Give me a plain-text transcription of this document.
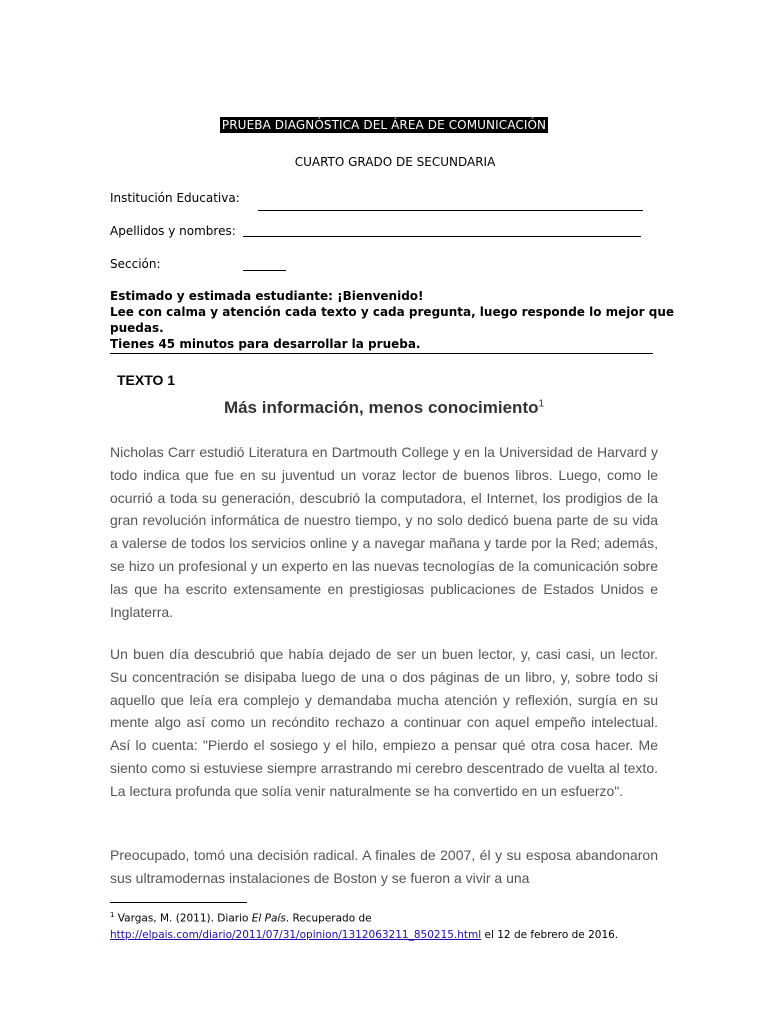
PRUEBA DIAGNÓSTICA DEL ÁREA DE COMUNICACIÓN
CUARTO GRADO DE SECUNDARIA
Institución Educativa:
Apellidos y nombres:
Sección:
Estimado y estimada estudiante: ¡Bienvenido!
Lee con calma y atención cada texto y cada pregunta, luego responde lo mejor que
puedas.
Tienes 45 minutos para desarrollar la prueba.
TEXTO 1
Más información, menos conocimiento$^1$
Nicholas Carr estudió Literatura en Dartmouth College y en la Universidad de Harvard y todo indica que fue en su juventud un voraz lector de buenos libros. Luego, como le ocurrió a toda su generación, descubrió la computadora, el Internet, los prodigios de la gran revolución informática de nuestro tiempo, y no solo dedicó buena parte de su vida a valerse de todos los servicios online y a navegar mañana y tarde por la Red; además, se hizo un profesional y un experto en las nuevas tecnologías de la comunicación sobre las que ha escrito extensamente en prestigiosas publicaciones de Estados Unidos e Inglaterra.
Un buen día descubrió que había dejado de ser un buen lector, y, casi casi, un lector. Su concentración se disipaba luego de una o dos páginas de un libro, y, sobre todo si aquello que leía era complejo y demandaba mucha atención y reflexión, surgía en su mente algo así como un recóndito rechazo a continuar con aquel empeño intelectual. Así lo cuenta: "Pierdo el sosiego y el hilo, empiezo a pensar qué otra cosa hacer. Me siento como si estuviese siempre arrastrando mi cerebro descentrado de vuelta al texto. La lectura profunda que solía venir naturalmente se ha convertido en un esfuerzo".
Preocupado, tomó una decisión radical. A finales de 2007, él y su esposa abandonaron sus ultramodernas instalaciones de Boston y se fueron a vivir a una
$^1$ Vargas, M. (2011). Diario El País. Recuperado de
http://elpais.com/diario/2011/07/31/opinion/1312063211_850215.html el 12 de febrero de 2016.
